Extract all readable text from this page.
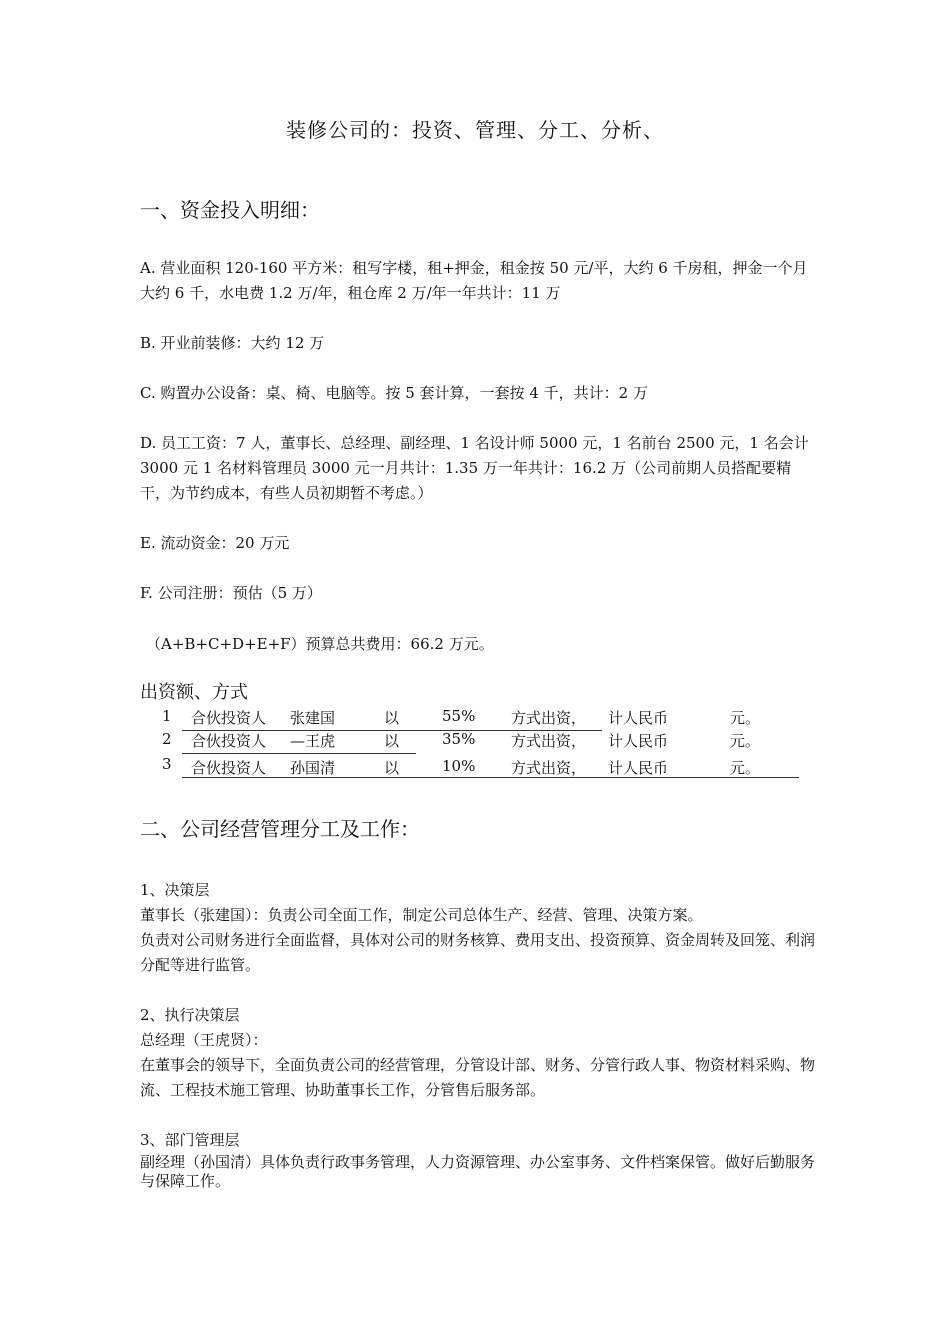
装修公司的：投资、管理、分工、分析、
一、资金投入明细：
A. 营业面积 120-160 平方米：租写字楼，租+押金，租金按 50 元/平，大约 6 千房租，押金一个月大约 6 千，水电费 1.2 万/年，租仓库 2 万/年一年共计：11 万
B. 开业前装修：大约 12 万
C. 购置办公设备：桌、椅、电脑等。按 5 套计算，一套按 4 千，共计：2 万
D. 员工工资：7 人，董事长、总经理、副经理、1 名设计师 5000 元，1 名前台 2500 元，1 名会计 3000 元 1 名材料管理员 3000 元一月共计：1.35 万一年共计：16.2 万（公司前期人员搭配要精干，为节约成本，有些人员初期暂不考虑。）
E. 流动资金：20 万元
F. 公司注册：预估（5 万）
（A+B+C+D+E+F）预算总共费用：66.2 万元。
出资额、方式
1 合伙投资人 张建国	以	55% 方式出资， 计人民币	元。
2 合伙投资人 —王虎	以	35% 方式出资， 计人民币	元。
3 合伙投资人 孙国清	以	10% 方式出资， 计人民币	元。
二、公司经营管理分工及工作：
1、决策层
董事长（张建国）：负责公司全面工作，制定公司总体生产、经营、管理、决策方案。
负责对公司财务进行全面监督，具体对公司的财务核算、费用支出、投资预算、资金周转及回笼、利润分配等进行监管。
2、执行决策层
总经理（王虎贤）：
在董事会的领导下，全面负责公司的经营管理，分管设计部、财务、分管行政人事、物资材料采购、物流、工程技术施工管理、协助董事长工作，分管售后服务部。
3、部门管理层
副经理（孙国清）具体负责行政事务管理，人力资源管理、办公室事务、文件档案保管。做好后勤服务与保障工作。
